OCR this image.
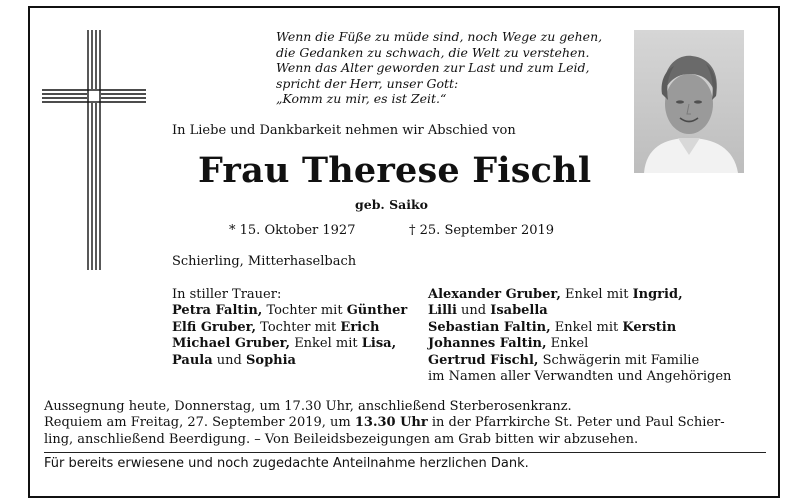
Wenn die Füße zu müde sind, noch Wege zu gehen,
die Gedanken zu schwach, die Welt zu verstehen.
Wenn das Alter geworden zur Last und zum Leid,
spricht der Herr, unser Gott:
„Komm zu mir, es ist Zeit.“
In Liebe und Dankbarkeit nehmen wir Abschied von
Frau Therese Fischl
geb. Saiko
* 15. Oktober 1927	† 25. September 2019
Schierling, Mitterhaselbach
In stiller Trauer:
Petra Faltin, Tochter mit Günther
Elfi Gruber, Tochter mit Erich
Michael Gruber, Enkel mit Lisa,
Paula und Sophia
Alexander Gruber, Enkel mit Ingrid,
Lilli und Isabella
Sebastian Faltin, Enkel mit Kerstin
Johannes Faltin, Enkel
Gertrud Fischl, Schwägerin mit Familie
im Namen aller Verwandten und Angehörigen
Aussegnung heute, Donnerstag, um 17.30 Uhr, anschließend Sterberosenkranz.
Requiem am Freitag, 27. September 2019, um 13.30 Uhr in der Pfarrkirche St. Peter und Paul Schier-
ling, anschließend Beerdigung. – Von Beileidsbezeigungen am Grab bitten wir abzusehen.
Für bereits erwiesene und noch zugedachte Anteilnahme herzlichen Dank.
